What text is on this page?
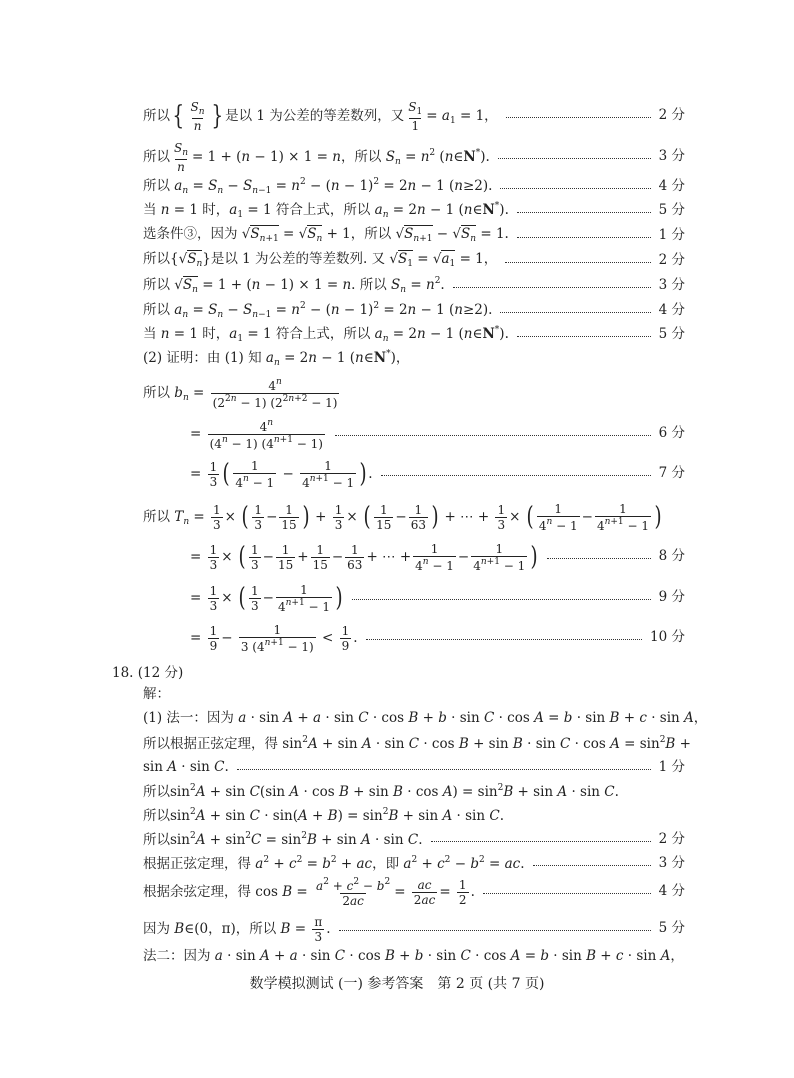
所以{ $\frac{S_n}{n}$ } 是以 1 为公差的等差数列，又 $\frac{S_1}{1} = a_1 = 1$，	2 分
所以 $\frac{S_n}{n} = 1 + (n - 1) \times 1 = n$，所以 $S_n = n^2$ (n∈N*).	3 分
所以 $a_n = S_n - S_{n-1} = n^2 - (n - 1)^2 = 2n - 1$ (n≥2).	4 分
当 n = 1 时，$a_1 = 1$ 符合上式，所以 $a_n = 2n - 1$ (n∈N*).	5 分
选条件③，因为 $√S_{n+1} = √S_n + 1$，所以 $√S_{n+1} - √S_n = 1$.	1 分
所以$\{√S_n\}$是以 1 为公差的等差数列. 又 $√S_1 = √a_1 = 1$，	2 分
所以 $√S_n = 1 + (n - 1) \times 1 = n$. 所以 $S_n = n^2$.	3 分
所以 $a_n = S_n - S_{n-1} = n^2 - (n - 1)^2 = 2n - 1$ (n≥2).	4 分
当 n = 1 时，$a_1 = 1$ 符合上式，所以 $a_n = 2n - 1$ (n∈N*).	5 分
(2) 证明：由 (1) 知 $a_n = 2n - 1$ (n∈N*)，
所以 $b_n = \frac{4^n}{(2^{2n} - 1) (2^{2n+2} - 1)}$
= $\frac{4^n}{(4^n - 1) (4^{n+1} - 1)}$	6 分
= $\frac{1}{3}$ ( $\frac{1}{4^n - 1} - \frac{1}{4^{n+1} - 1}$ ) .	7 分
所以 $T_n = \frac{1}{3}$ × ( $\frac{1}{3} - \frac{1}{15}$ ) + $\frac{1}{3}$ × ( $\frac{1}{15} - \frac{1}{63}$ ) + ⋯ + $\frac{1}{3}$ × ( $\frac{1}{4^n - 1} - \frac{1}{4^{n+1} - 1}$ )
= $\frac{1}{3}$ × ( $\frac{1}{3} - \frac{1}{15} + \frac{1}{15} - \frac{1}{63}$ + ⋯ + $\frac{1}{4^n - 1} - \frac{1}{4^{n+1} - 1}$ )	8 分
= $\frac{1}{3}$ × ( $\frac{1}{3} - \frac{1}{4^{n+1} - 1}$ )	9 分
= $\frac{1}{9} - \frac{1}{3 (4^{n+1} - 1)} < \frac{1}{9}$ .	10 分
18. (12 分)
解：
(1) 法一：因为 a · sin A + a · sin C · cos B + b · sin C · cos A = b · sin B + c · sin A，
所以根据正弦定理，得 $\sin^2A + \sin A \cdot \sin C \cdot \cos B + \sin B \cdot \sin C \cdot \cos A = \sin^2B$ +
sin A · sin C.	1 分
所以$\sin^2A + \sin C(\sin$ $A \cdot \cos B + \sin B \cdot \cos A) = \sin^2B + \sin A \cdot \sin C$.
所以$\sin^2A + \sin C \cdot \sin(A + B) = \sin^2B + \sin A \cdot \sin C$.
所以$\sin^2A + \sin^2C = \sin^2B + \sin A \cdot \sin C$.	2 分
根据正弦定理，得 $a^2 + c^2 = b^2$ + ac，即 $a^2 + c^2 - b^2$ = ac.	3 分
根据余弦定理，得 $\cos B = \frac{a^2 + c^2 - b^2}{2ac} = \frac{ac}{2ac} = \frac{1}{2}$ .	4 分
因为 B∈(0，π)，所以 $B = \frac{\pi}{3}$ .	5 分
法二：因为 a · sin A + a · sin C · cos B + b · sin C · cos A = b · sin B + c · sin A，
数学模拟测试 (一) 参考答案　第 2 页 (共 7 页)
